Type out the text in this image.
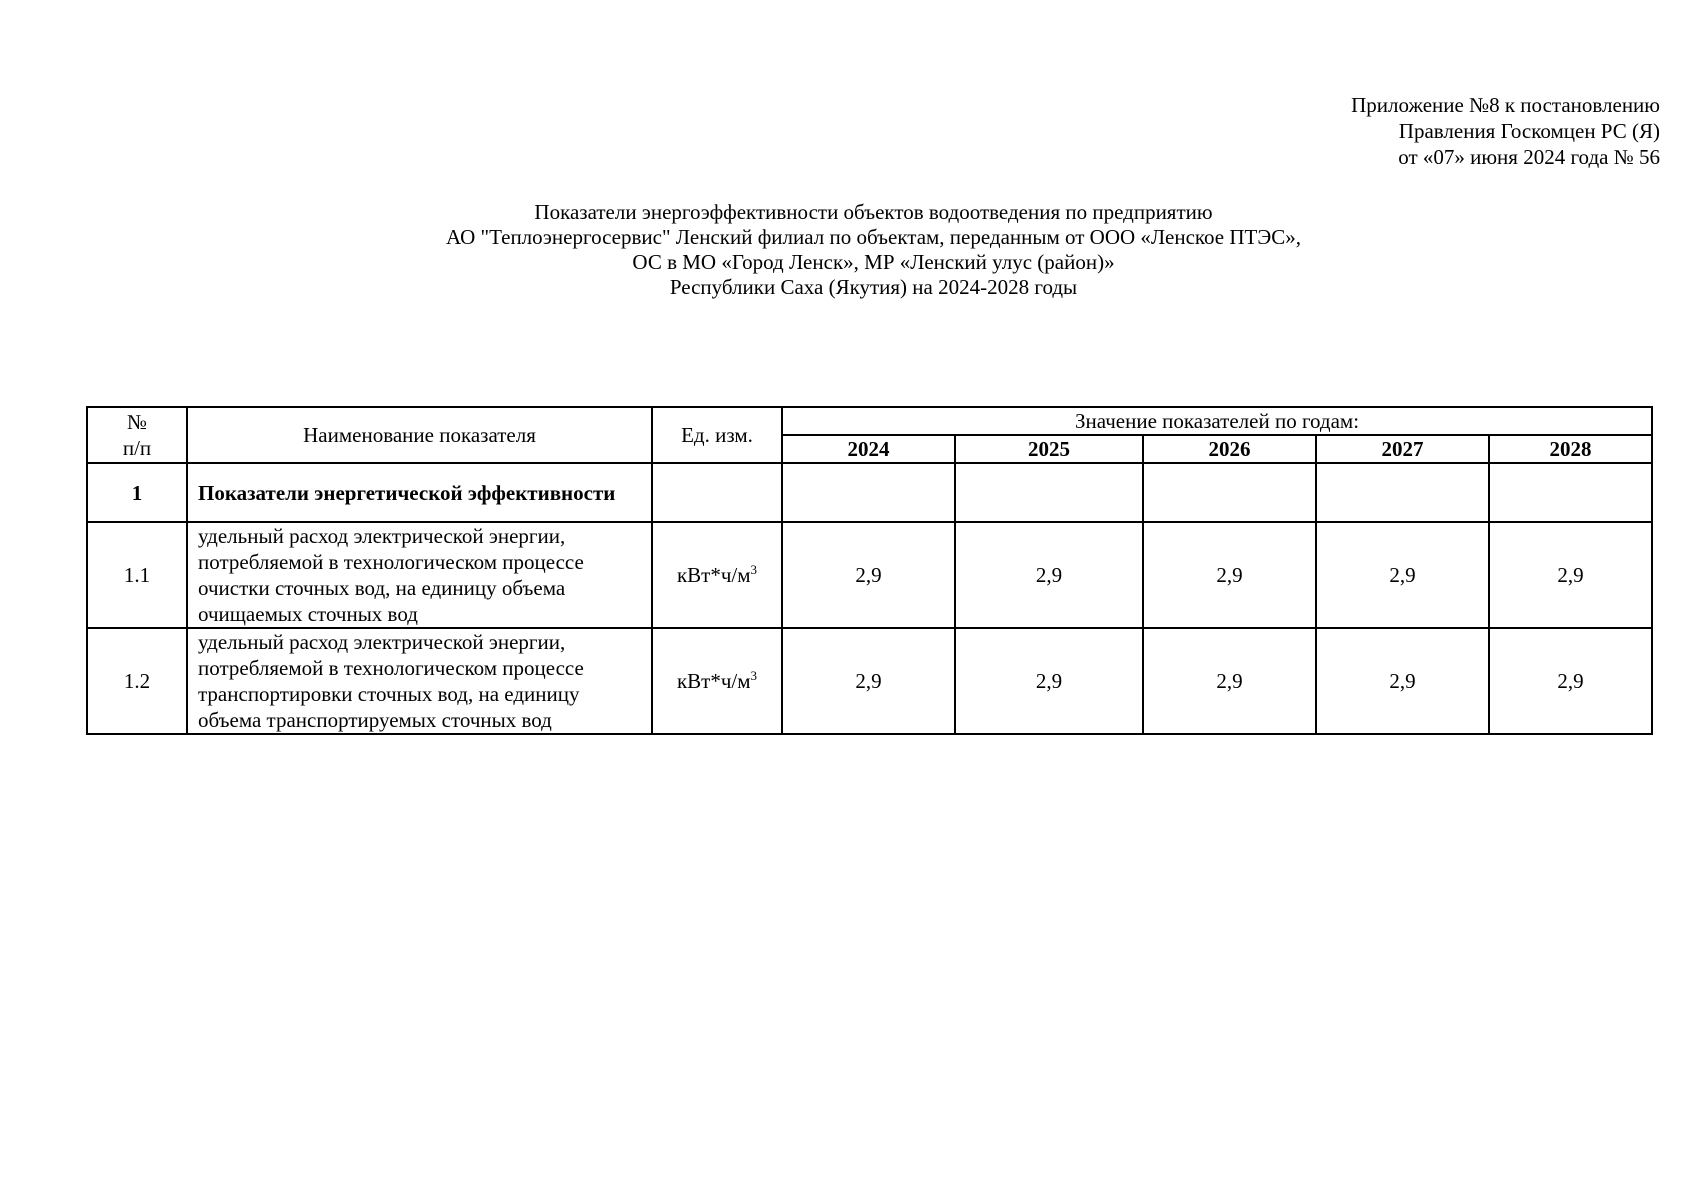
Приложение №8 к постановлению
Правления Госкомцен РС (Я)
от «07» июня 2024 года № 56
Показатели энергоэффективности объектов водоотведения по предприятию
АО "Теплоэнергосервис" Ленский филиал по объектам, переданным от ООО «Ленское ПТЭС»,
ОС в МО «Город Ленск», МР «Ленский улус (район)»
Республики Саха (Якутия) на 2024-2028 годы
№
п/п	Наименование показателя	Ед. изм.	Значение показателей по годам:				
			2024	2025	2026	2027	2028
1	Показатели энергетической эффективности						
1.1	удельный расход электрической энергии, потребляемой в технологическом процессе очистки сточных вод, на единицу объема очищаемых сточных вод	$кВт*ч/м^3$	2,9	2,9	2,9	2,9	2,9
1.2	удельный расход электрической энергии, потребляемой в технологическом процессе транспортировки сточных вод, на единицу объема транспортируемых сточных вод	$кВт*ч/м^3$	2,9	2,9	2,9	2,9	2,9
